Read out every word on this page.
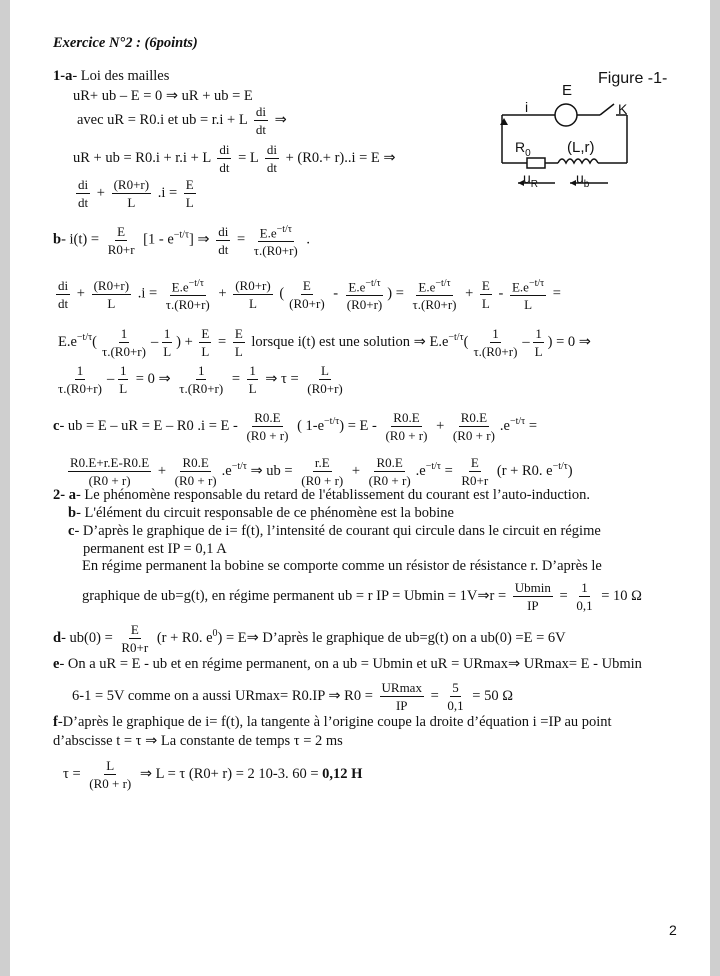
Exercice N°2 : (6points)
Figure -1-
E
i	K
$R_0$ (L,r)
$u_R$	$u_b$
1-a- Loi des mailles
uR+ ub – E = 0 ⇒ uR + ub = E
avec uR = R0.i et ub = r.i + L $\frac{di}{dt}$ ⇒
uR + ub = R0.i + r.i + L $\frac{di}{dt} = L \frac{di}{dt} + (R0.+ r)..i = E$ ⇒
$\frac{di}{dt} + \frac{(R0+r)}{L} .i = \frac{E}{L}$
b- $i(t) = \frac{E}{R0+r} [1 - e^{-t/\tau}]$ ⇒ $\frac{di}{dt} = \frac{E.e^{-t/\tau}}{\tau.(R0+r)}$ .
$\frac{di}{dt} + \frac{(R0+r)}{L} .i = \frac{E.e^{-t/\tau}}{\tau.(R0+r)} + \frac{(R0+r)}{L}$ ( $\frac{E}{(R0+r)} - \frac{E.e^{-t/\tau}}{(R0+r)}$ ) = $\frac{E.e^{-t/\tau}}{\tau.(R0+r)} + \frac{E}{L} - \frac{E.e^{-t/\tau}}{L}$ =
$E.e^{-t/\tau}( \frac{1}{\tau.(R0+r)} - \frac{1}{L}$ ) + $\frac{E}{L} = \frac{E}{L}$ lorsque i(t) est une solution ⇒ $E.e^{-t/\tau}( \frac{1}{\tau.(R0+r)} - \frac{1}{L}$ ) = 0 ⇒
$\frac{1}{\tau.(R0+r)} - \frac{1}{L} = 0$ ⇒ $\frac{1}{\tau.(R0+r)} = \frac{1}{L}$ ⇒ $\tau = \frac{L}{(R0+r)}$
c- ub = E – uR = E – R0 $.i = E - \frac{R0.E}{(R0 + r)}$ ( $1-e^{-t/\tau}) = E - \frac{R0.E}{(R0 + r)} + \frac{R0.E}{(R0 + r)} .e^{-t/\tau}$ =
$\frac{R0.E+r.E-R0.E}{(R0 + r)} + \frac{R0.E}{(R0 + r)} .e^{-t/\tau}$ ⇒ ub = $\frac{r.E}{(R0 + r)} + \frac{R0.E}{(R0 + r)} .e^{-t/\tau} = \frac{E}{R0+r} (r + R0$. $e^{-t/\tau}$)
2- a- Le phénomène responsable du retard de l'établissement du courant est l’auto-induction.
b- L'élément du circuit responsable de ce phénomène est la bobine
c- D’après le graphique de i= f(t), l’intensité de courant qui circule dans le circuit en régime
permanent est IP = 0,1 A
En régime permanent la bobine se comporte comme un résistor de résistance r. D’après le
graphique de ub=g(t), en régime permanent ub = r IP = Ubmin = 1V⇒r = $\frac{Ubmin}{IP} = \frac{1}{0,1} = 10$ Ω
d- $ub(0) = \frac{E}{R0+r} (r + R0$. $e^0$) = E⇒ D’après le graphique de ub=g(t) on a ub(0) =E = 6V
e- On a uR = E - ub et en régime permanent, on a ub = Ubmin et uR = URmax⇒ URmax= E - Ubmin
6-1 = 5V comme on a aussi URmax= R0.IP ⇒ $R0 = \frac{URmax}{IP} = \frac{5}{0,1} = 50$ Ω
f-D’après le graphique de i= f(t), la tangente à l’origine coupe la droite d’équation i =IP au point
d’abscisse t = τ ⇒ La constante de temps τ = 2 ms
$\tau = \frac{L}{(R0 + r)}$ ⇒ L = τ (R0+ r) = 2 10-3. 60 = 0,12 H
2
